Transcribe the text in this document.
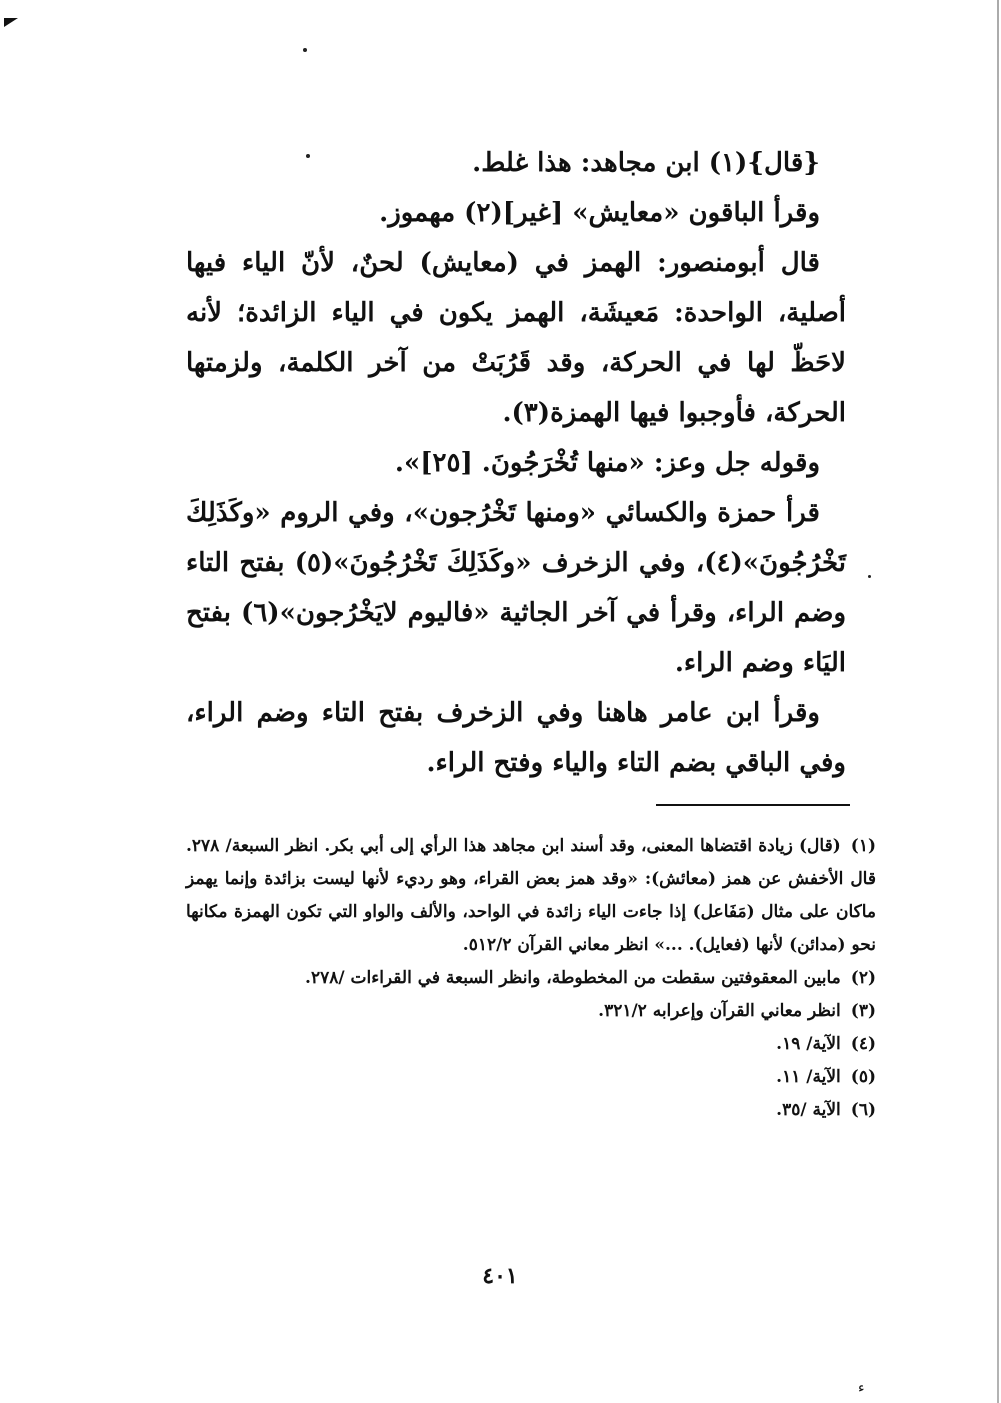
{قال}(١) ابن مجاهد: هذا غلط.

وقرأ الباقون «معايش» [غير](٢) مهموز.

قال أبومنصور: الهمز في (معايش) لحنٌ، لأنّ الياء فيها أصلية، الواحدة: مَعيشَة، الهمز يكون في الياء الزائدة؛ لأنه لاحَظّ لها في الحركة، وقد قَرُبَتْ من آخر الكلمة، ولزمتها الحركة، فأوجبوا فيها الهمزة(٣).

وقوله جل وعز: «منها تُخْرَجُونَ. [٢٥]».

قرأ حمزة والكسائي «ومنها تَخْرُجون»، وفي الروم «وكَذَلِكَ تَخْرُجُونَ»(٤)، وفي الزخرف «وكَذَلِكَ تَخْرُجُونَ»(٥) بفتح التاء وضم الراء، وقرأ في آخر الجاثية «فاليوم لايَخْرُجون»(٦) بفتح اليَاء وضم الراء.

وقرأ ابن عامر هاهنا وفي الزخرف بفتح التاء وضم الراء، وفي الباقي بضم التاء والياء وفتح الراء.

(١)(قال) زيادة اقتضاها المعنى، وقد أسند ابن مجاهد هذا الرأي إلى أبي بكر. انظر السبعة/ ٢٧٨. قال الأخفش عن همز (معائش): «وقد همز بعض القراء، وهو رديء لأنها ليست بزائدة وإنما يهمز ماكان على مثال (مَفَاعل) إذا جاءت الياء زائدة في الواحد، والألف والواو التي تكون الهمزة مكانها نحو (مدائن) لأنها (فعايل). ...» انظر معاني القرآن ٥١٢/٢.

(٢)مابين المعقوفتين سقطت من المخطوطة، وانظر السبعة في القراءات /٢٧٨.

(٣)انظر معاني القرآن وإعرابه ٣٢١/٢.

(٤)الآية/ ١٩.

(٥)الآية/ ١١.

(٦)الآية /٣٥.

٤٠١
ء
